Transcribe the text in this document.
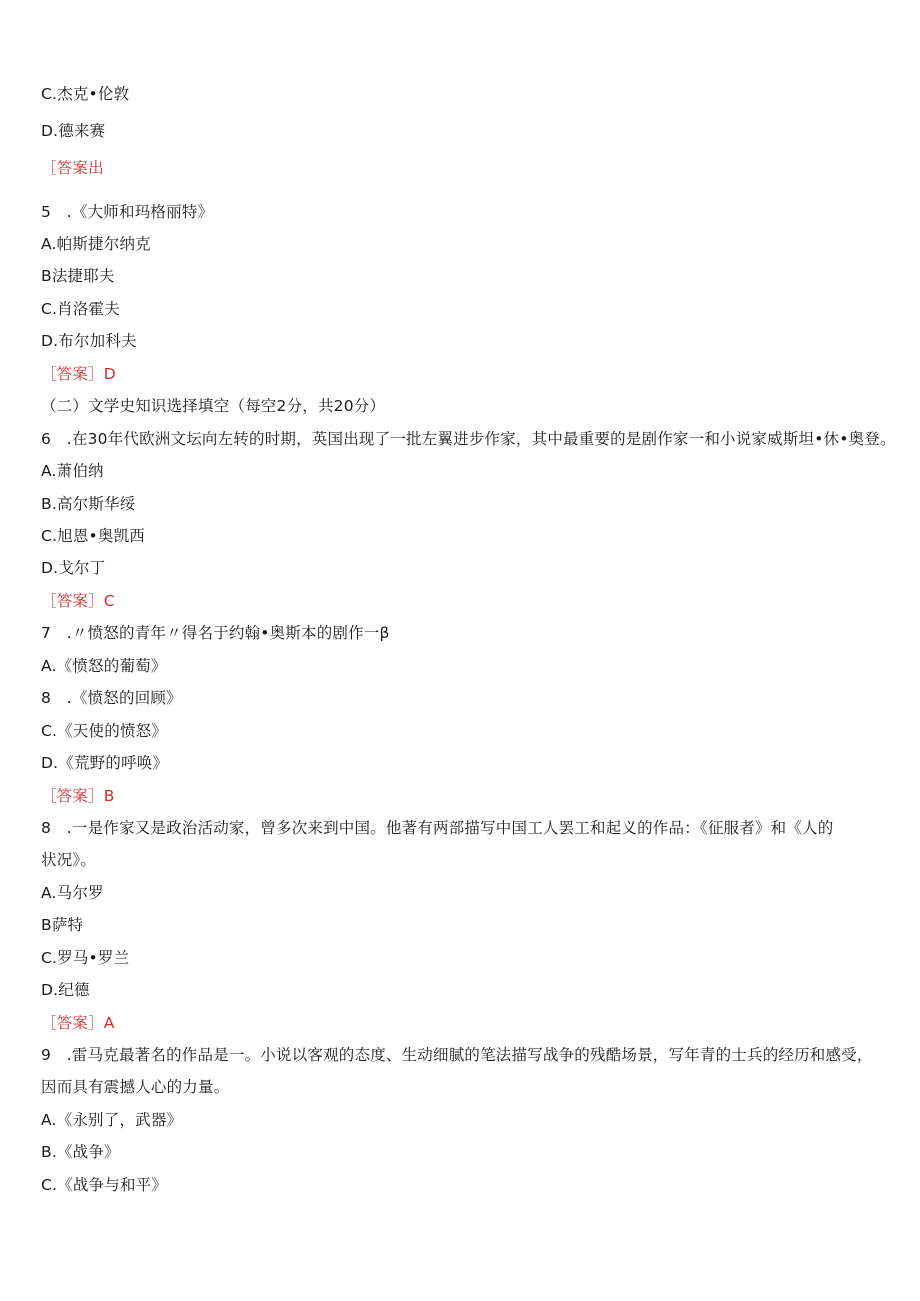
C.杰克•伦敦
D.德来赛
［答案出
5　.《大师和玛格丽特》
A.帕斯捷尔纳克
B法捷耶夫
C.肖洛霍夫
D.布尔加科夫
［答案］D
（二）文学史知识选择填空（每空2分，共20分）
6　.在30年代欧洲文坛向左转的时期，英国出现了一批左翼进步作家，其中最重要的是剧作家一和小说家威斯坦•休•奥登。
A.萧伯纳
B.高尔斯华绥
C.旭恩•奥凯西
D.戈尔丁
［答案］C
7　.〃愤怒的青年〃得名于约翰•奥斯本的剧作一β
A.《愤怒的葡萄》
8　.《愤怒的回顾》
C.《天使的愤怒》
D.《荒野的呼唤》
［答案］B
8　.一是作家又是政治活动家，曾多次来到中国。他著有两部描写中国工人罢工和起义的作品：《征服者》和《人的状况》。
A.马尔罗
B萨特
C.罗马•罗兰
D.纪德
［答案］A
9　.雷马克最著名的作品是一。小说以客观的态度、生动细腻的笔法描写战争的残酷场景，写年青的士兵的经历和感受，因而具有震撼人心的力量。
A.《永别了，武器》
B.《战争》
C.《战争与和平》
